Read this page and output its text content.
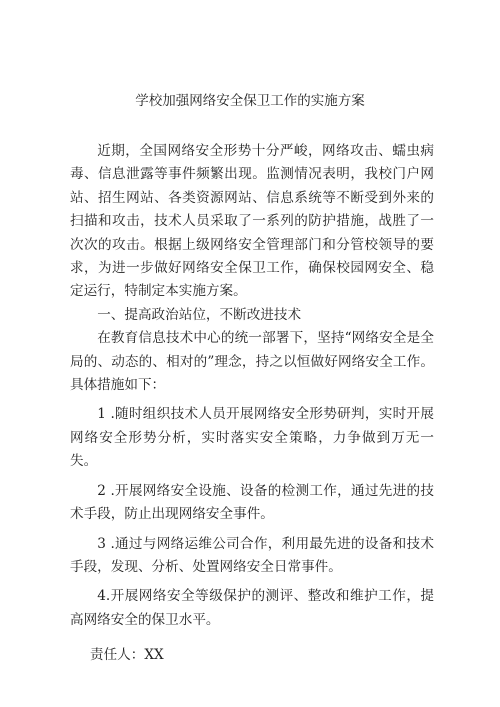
学校加强网络安全保卫工作的实施方案

近期，全国网络安全形势十分严峻，网络攻击、蠕虫病毒、信息泄露等事件频繁出现。监测情况表明，我校门户网站、招生网站、各类资源网站、信息系统等不断受到外来的扫描和攻击，技术人员采取了一系列的防护措施，战胜了一次次的攻击。根据上级网络安全管理部门和分管校领导的要求，为进一步做好网络安全保卫工作，确保校园网安全、稳定运行，特制定本实施方案。

一、提高政治站位，不断改进技术

在教育信息技术中心的统一部署下，坚持“网络安全是全局的、动态的、相对的”理念，持之以恒做好网络安全工作。具体措施如下：

1 .随时组织技术人员开展网络安全形势研判，实时开展网络安全形势分析，实时落实安全策略，力争做到万无一失。

2 .开展网络安全设施、设备的检测工作，通过先进的技术手段，防止出现网络安全事件。

3 .通过与网络运维公司合作，利用最先进的设备和技术手段，发现、分析、处置网络安全日常事件。

4.开展网络安全等级保护的测评、整改和维护工作，提高网络安全的保卫水平。

责任人：XX
